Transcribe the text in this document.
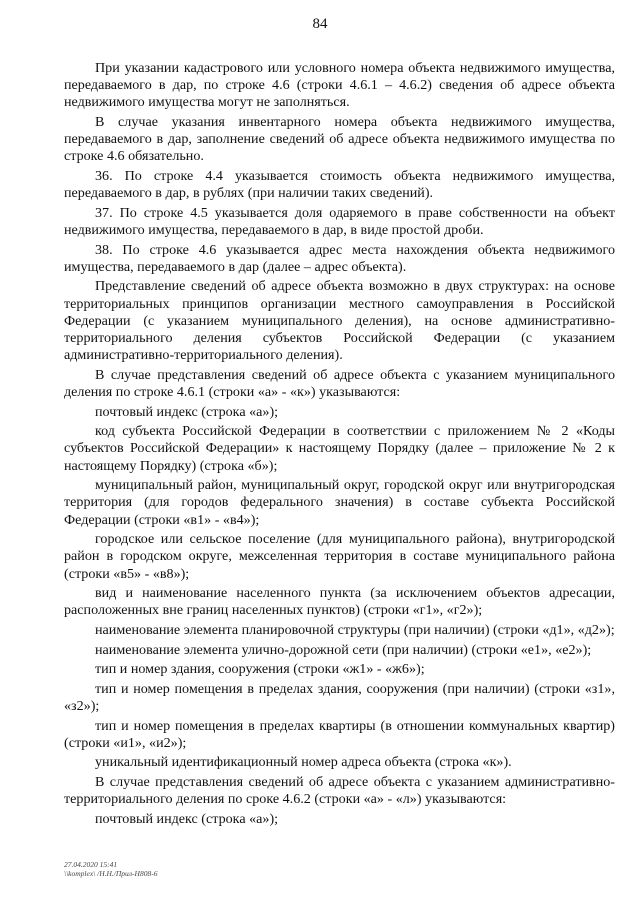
84

При указании кадастрового или условного номера объекта недвижимого имущества, передаваемого в дар, по строке 4.6 (строки 4.6.1 – 4.6.2) сведения об адресе объекта недвижимого имущества могут не заполняться.

В случае указания инвентарного номера объекта недвижимого имущества, передаваемого в дар, заполнение сведений об адресе объекта недвижимого имущества по строке 4.6 обязательно.

36. По строке 4.4 указывается стоимость объекта недвижимого имущества, передаваемого в дар, в рублях (при наличии таких сведений).

37. По строке 4.5 указывается доля одаряемого в праве собственности на объект недвижимого имущества, передаваемого в дар, в виде простой дроби.

38. По строке 4.6 указывается адрес места нахождения объекта недвижимого имущества, передаваемого в дар (далее – адрес объекта).

Представление сведений об адресе объекта возможно в двух структурах: на основе территориальных принципов организации местного самоуправления в Российской Федерации (с указанием муниципального деления), на основе административно-территориального деления субъектов Российской Федерации (с указанием административно-территориального деления).

В случае представления сведений об адресе объекта с указанием муниципального деления по строке 4.6.1 (строки «а» - «к») указываются:

почтовый индекс (строка «а»);

код субъекта Российской Федерации в соответствии с приложением № 2 «Коды субъектов Российской Федерации» к настоящему Порядку (далее – приложение № 2 к настоящему Порядку) (строка «б»);

муниципальный район, муниципальный округ, городской округ или внутригородская территория (для городов федерального значения) в составе субъекта Российской Федерации (строки «в1» - «в4»);

городское или сельское поселение (для муниципального района), внутригородской район в городском округе, межселенная территория в составе муниципального района (строки «в5» - «в8»);

вид и наименование населенного пункта (за исключением объектов адресации, расположенных вне границ населенных пунктов) (строки «г1», «г2»);

наименование элемента планировочной структуры (при наличии) (строки «д1», «д2»);

наименование элемента улично-дорожной сети (при наличии) (строки «е1», «е2»);

тип и номер здания, сооружения (строки «ж1» - «ж6»);

тип и номер помещения в пределах здания, сооружения (при наличии) (строки «з1», «з2»);

тип и номер помещения в пределах квартиры (в отношении коммунальных квартир) (строки «и1», «и2»);

уникальный идентификационный номер адреса объекта (строка «к»).

В случае представления сведений об адресе объекта с указанием административно-территориального деления по сроке 4.6.2 (строки «а» - «л») указываются:

почтовый индекс (строка «а»);

27.04.2020 15:41
\\komplex\ /Н.Н./Прил-Н808-6
